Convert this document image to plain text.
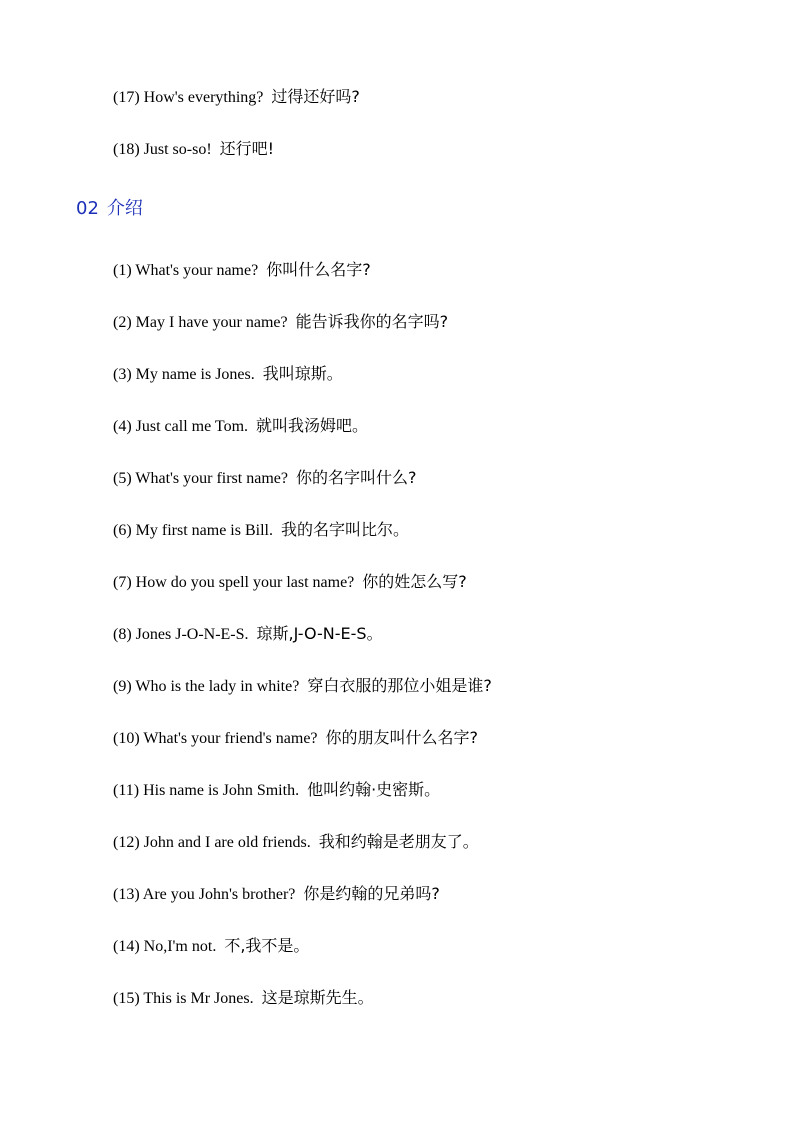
(17) How's everything? 过得还好吗?
(18) Just so-so! 还行吧!
02 介绍
(1) What's your name? 你叫什么名字?
(2) May I have your name? 能告诉我你的名字吗?
(3) My name is Jones. 我叫琼斯。
(4) Just call me Tom. 就叫我汤姆吧。
(5) What's your first name? 你的名字叫什么?
(6) My first name is Bill. 我的名字叫比尔。
(7) How do you spell your last name? 你的姓怎么写?
(8) Jones J-O-N-E-S. 琼斯,J-O-N-E-S。
(9) Who is the lady in white? 穿白衣服的那位小姐是谁?
(10) What's your friend's name? 你的朋友叫什么名字?
(11) His name is John Smith. 他叫约翰·史密斯。
(12) John and I are old friends. 我和约翰是老朋友了。
(13) Are you John's brother? 你是约翰的兄弟吗?
(14) No,I'm not. 不,我不是。
(15) This is Mr Jones. 这是琼斯先生。
